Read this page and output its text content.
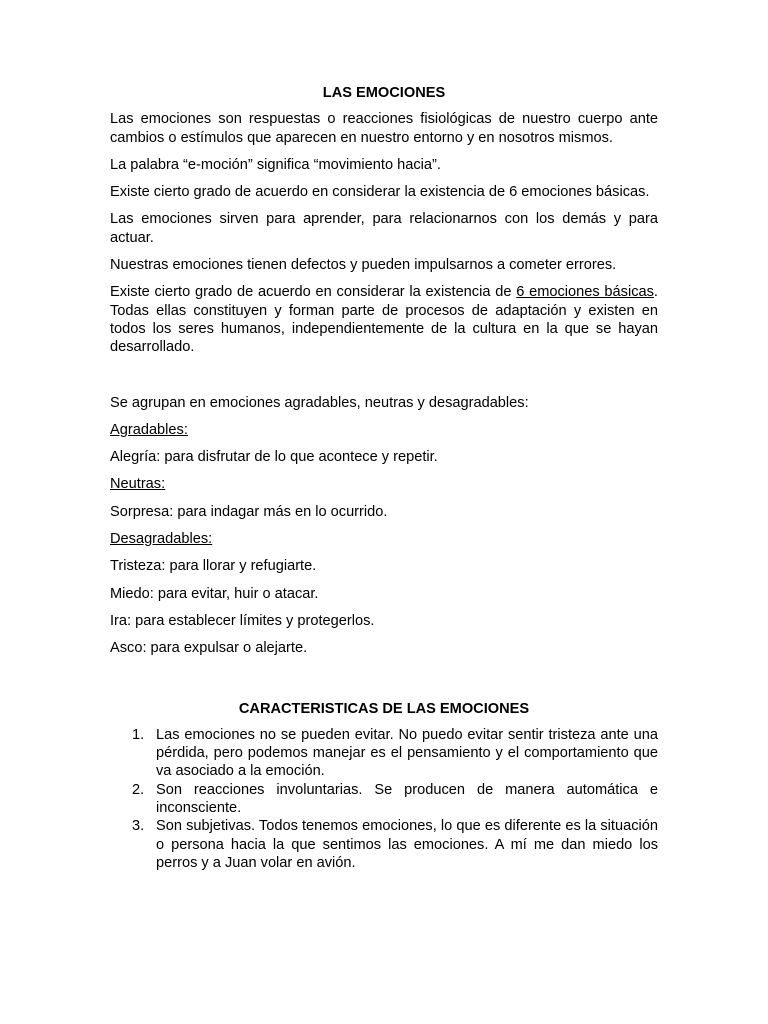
LAS EMOCIONES

Las emociones son respuestas o reacciones fisiológicas de nuestro cuerpo ante cambios o estímulos que aparecen en nuestro entorno y en nosotros mismos.

La palabra “e-moción” significa “movimiento hacia”.

Existe cierto grado de acuerdo en considerar la existencia de 6 emociones básicas.

Las emociones sirven para aprender, para relacionarnos con los demás y para actuar.

Nuestras emociones tienen defectos y pueden impulsarnos a cometer errores.

Existe cierto grado de acuerdo en considerar la existencia de 6 emociones básicas. Todas ellas constituyen y forman parte de procesos de adaptación y existen en todos los seres humanos, independientemente de la cultura en la que se hayan desarrollado.

Se agrupan en emociones agradables, neutras y desagradables:

Agradables:

Alegría: para disfrutar de lo que acontece y repetir.

Neutras:

Sorpresa: para indagar más en lo ocurrido.

Desagradables:

Tristeza: para llorar y refugiarte.

Miedo: para evitar, huir o atacar.

Ira: para establecer límites y protegerlos.

Asco: para expulsar o alejarte.

CARACTERISTICAS DE LAS EMOCIONES
1. Las emociones no se pueden evitar. No puedo evitar sentir tristeza ante una pérdida, pero podemos manejar es el pensamiento y el comportamiento que va asociado a la emoción.
2. Son reacciones involuntarias. Se producen de manera automática e inconsciente.
3. Son subjetivas. Todos tenemos emociones, lo que es diferente es la situación o persona hacia la que sentimos las emociones. A mí me dan miedo los perros y a Juan volar en avión.
